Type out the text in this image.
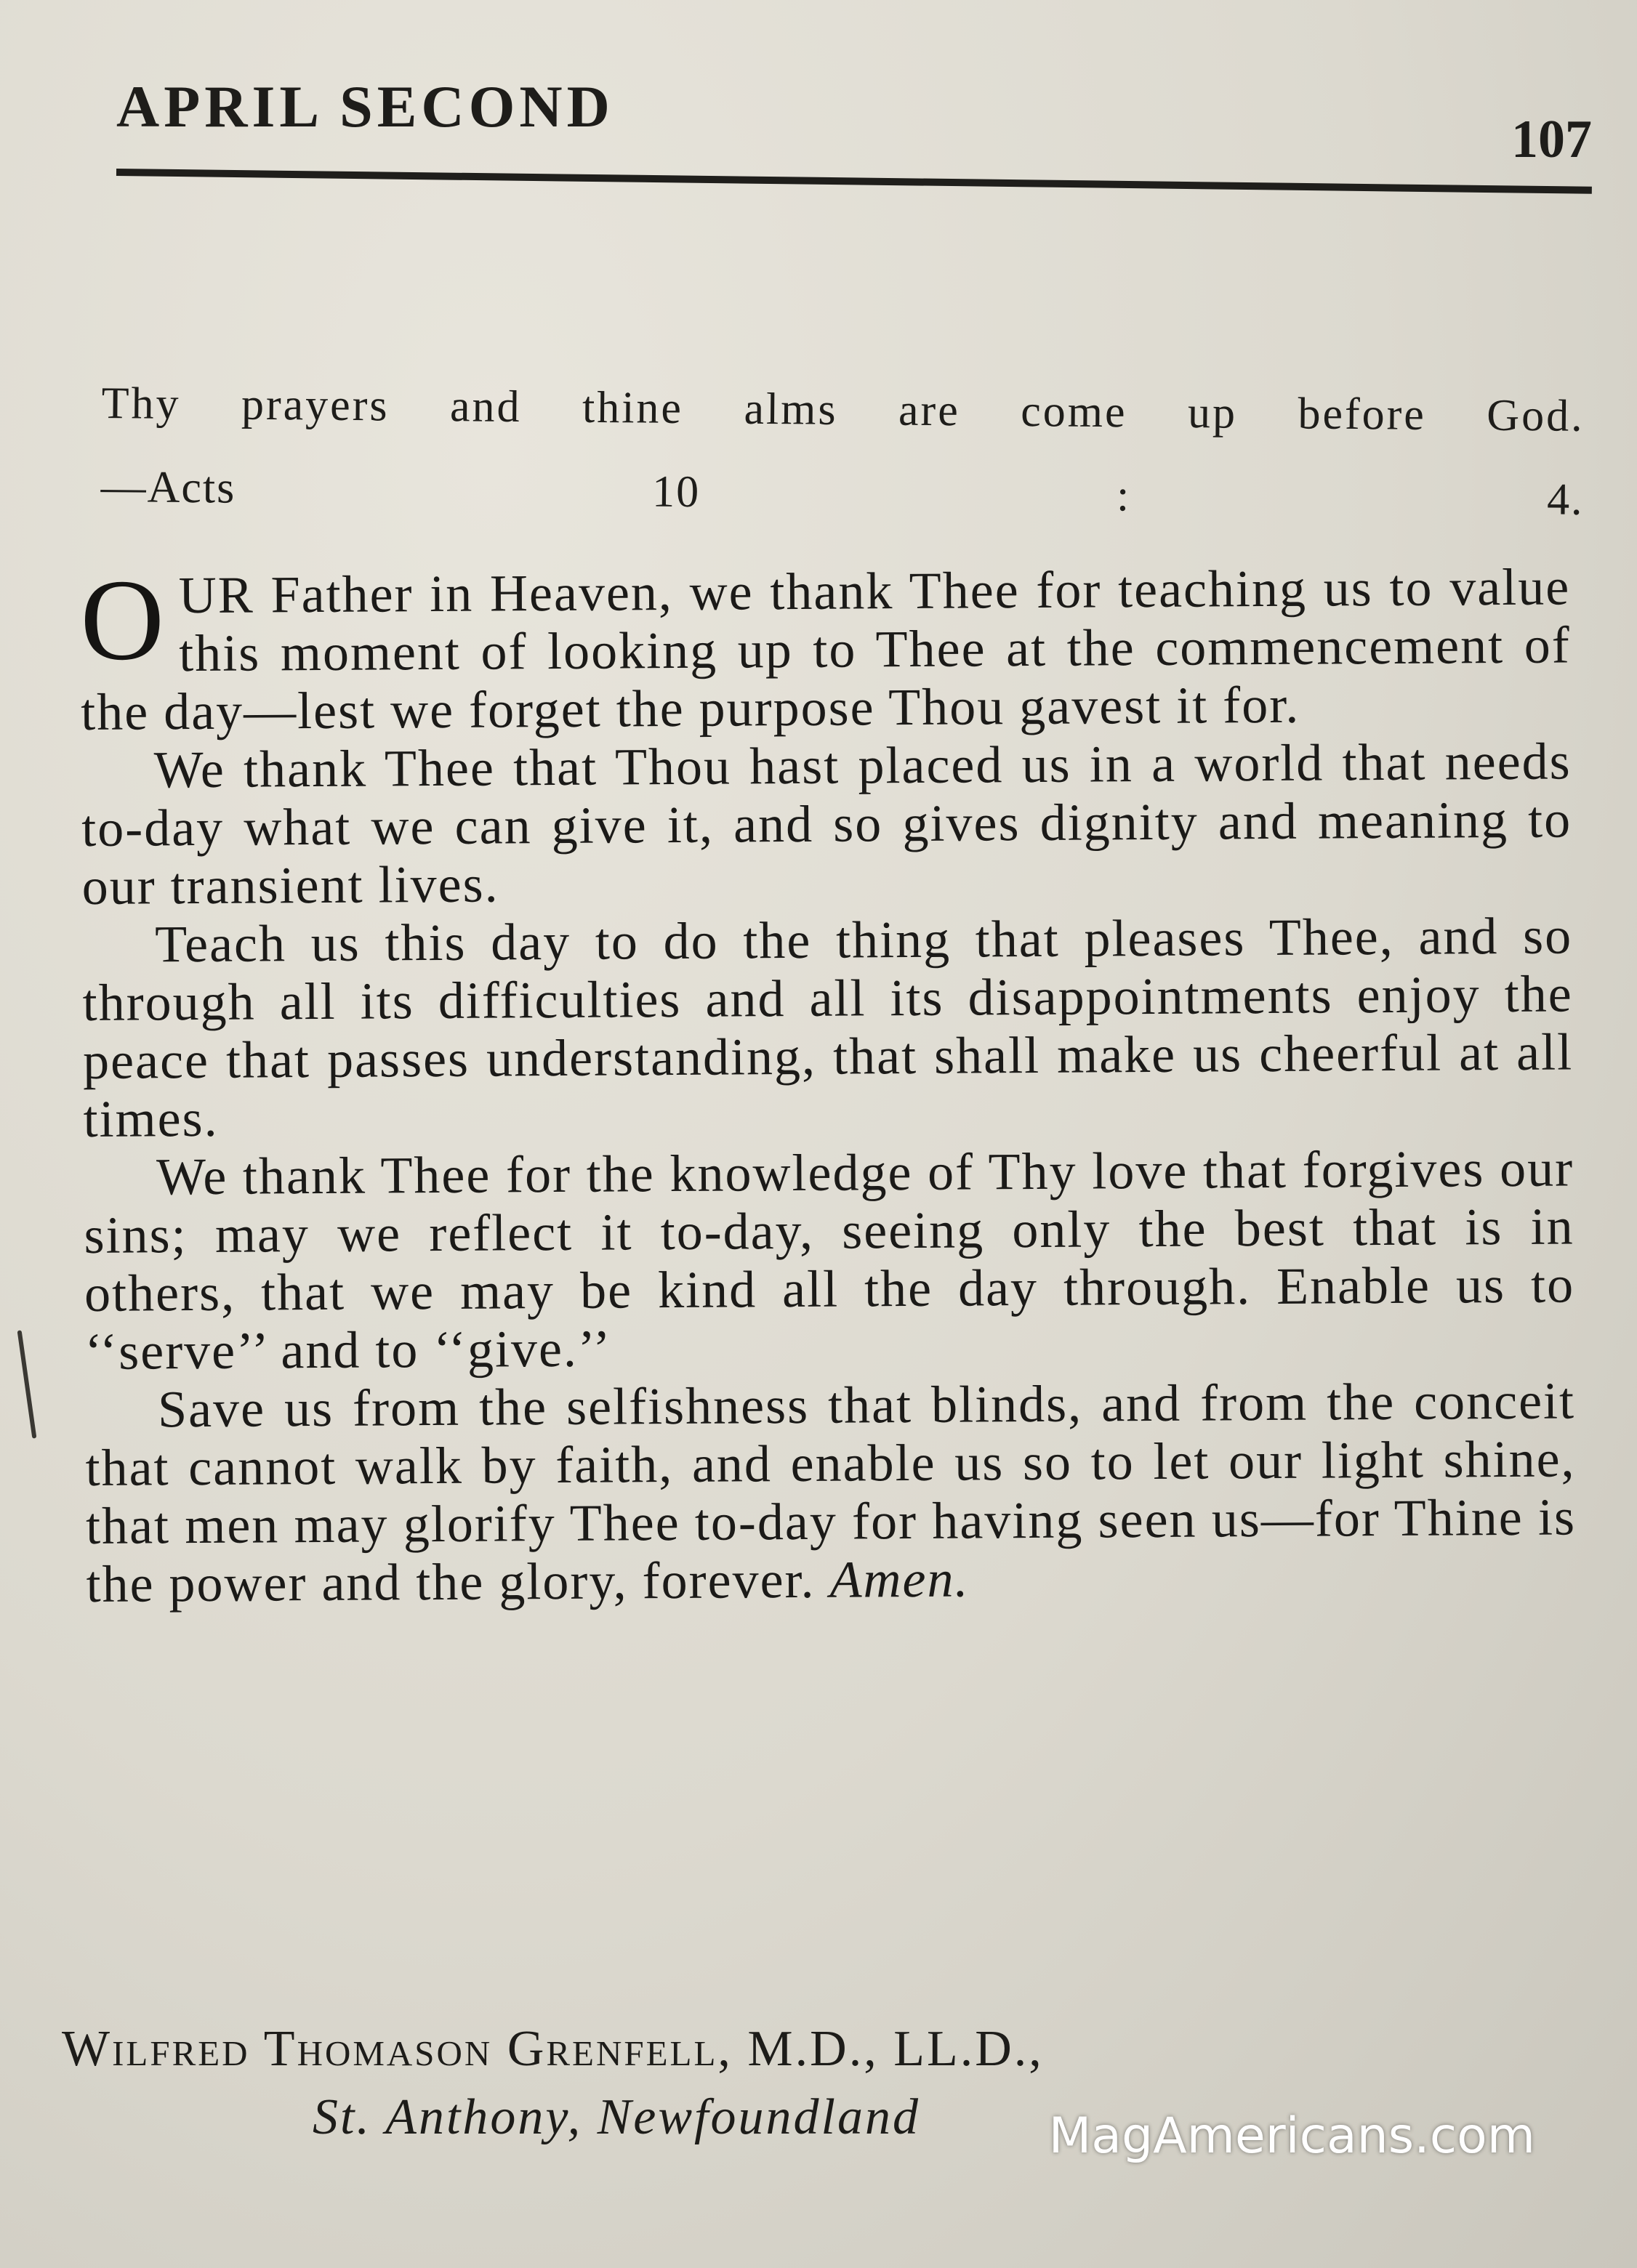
APRIL SECOND	107
Thy prayers and thine alms are come up before God.
—Acts 10 : 4.

OUR Father in Heaven, we thank Thee for teaching us to value this moment of looking up to Thee at the commencement of the day—lest we forget the purpose Thou gavest it for.

We thank Thee that Thou hast placed us in a world that needs to-day what we can give it, and so gives dignity and meaning to our transient lives.

Teach us this day to do the thing that pleases Thee, and so through all its difficulties and all its disappointments enjoy the peace that passes understanding, that shall make us cheerful at all times.

We thank Thee for the knowledge of Thy love that forgives our sins; may we reflect it to-day, seeing only the best that is in others, that we may be kind all the day through. Enable us to ‘‘serve’’ and to ‘‘give.’’

Save us from the selfishness that blinds, and from the conceit that cannot walk by faith, and enable us so to let our light shine, that men may glorify Thee to-day for having seen us—for Thine is the power and the glory, forever. Amen.

Wilfred Thomason Grenfell, M.D., LL.D.,
St. Anthony, Newfoundland	MagAmericans.com
